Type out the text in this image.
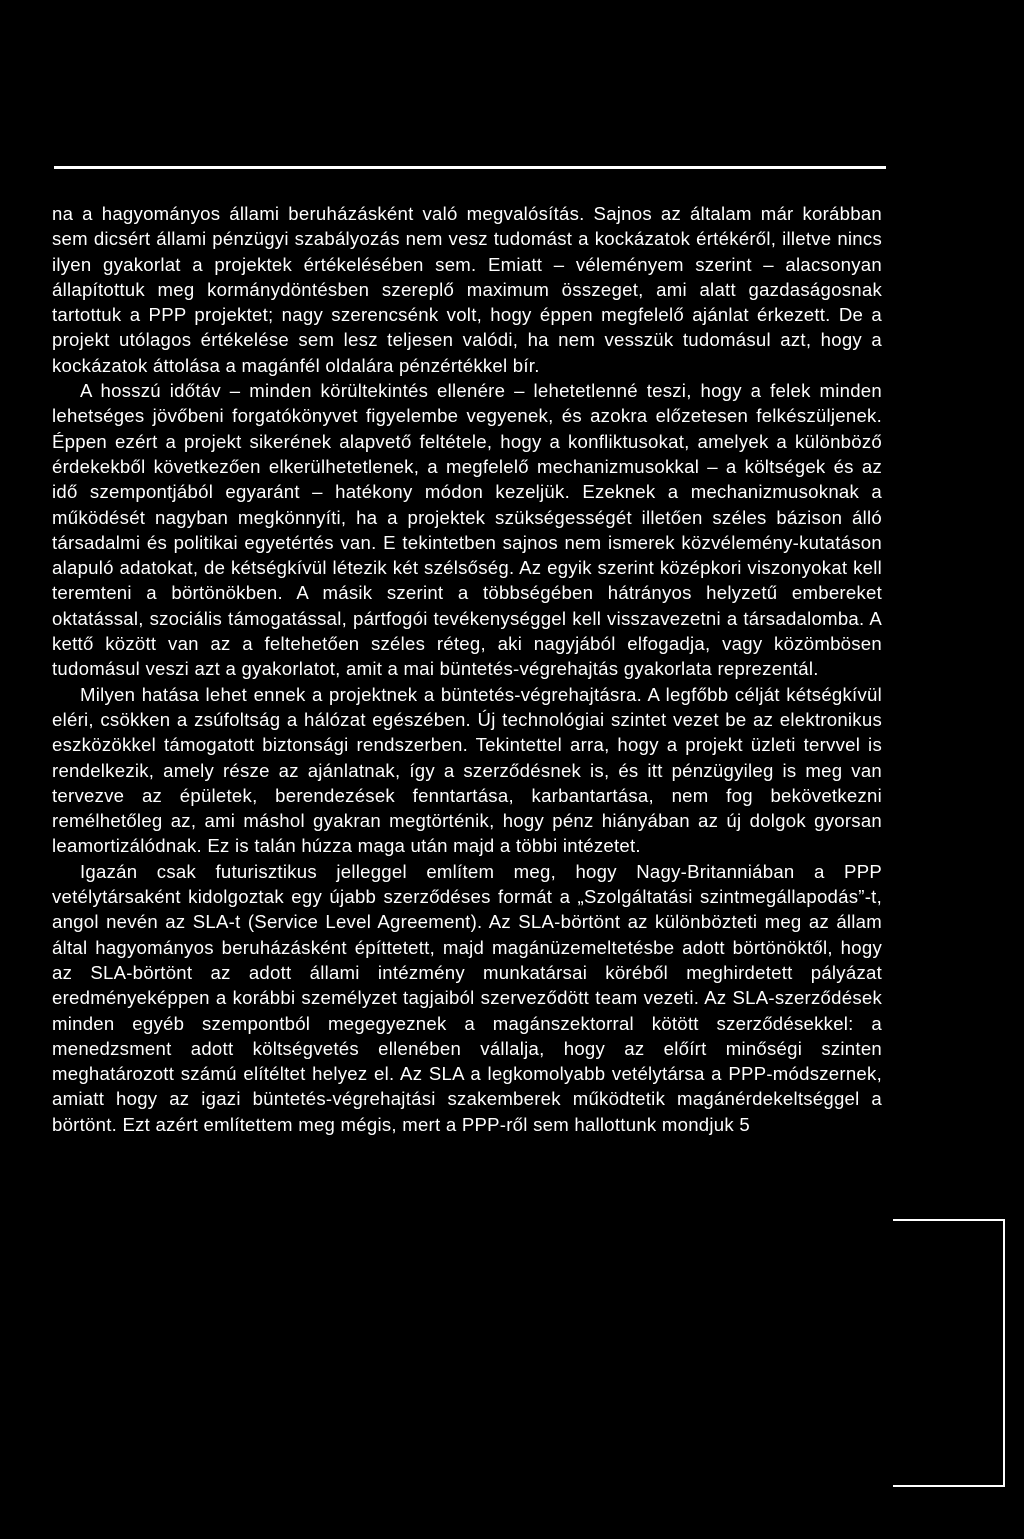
na a hagyományos állami beruházásként való megvalósítás. Sajnos az általam már korábban sem dicsért állami pénzügyi szabályozás nem vesz tudomást a kockázatok értékéről, illetve nincs ilyen gyakorlat a projektek értékelésében sem. Emiatt – véleményem szerint – alacsonyan állapítottuk meg kormánydöntésben szereplő maximum összeget, ami alatt gazdaságosnak tartottuk a PPP projektet; nagy szerencsénk volt, hogy éppen megfelelő ajánlat érkezett. De a projekt utólagos értékelése sem lesz teljesen valódi, ha nem vesszük tudomásul azt, hogy a kockázatok áttolása a magánfél oldalára pénzértékkel bír.

A hosszú időtáv – minden körültekintés ellenére – lehetetlenné teszi, hogy a felek minden lehetséges jövőbeni forgatókönyvet figyelembe vegyenek, és azokra előzetesen felkészüljenek. Éppen ezért a projekt sikerének alapvető feltétele, hogy a konfliktusokat, amelyek a különböző érdekekből következően elkerülhetetlenek, a megfelelő mechanizmusokkal – a költségek és az idő szempontjából egyaránt – hatékony módon kezeljük. Ezeknek a mechanizmusoknak a működését nagyban megkönnyíti, ha a projektek szükségességét illetően széles bázison álló társadalmi és politikai egyetértés van. E tekintetben sajnos nem ismerek közvélemény-kutatáson alapuló adatokat, de kétségkívül létezik két szélsőség. Az egyik szerint középkori viszonyokat kell teremteni a börtönökben. A másik szerint a többségében hátrányos helyzetű embereket oktatással, szociális támogatással, pártfogói tevékenységgel kell visszavezetni a társadalomba. A kettő között van az a feltehetően széles réteg, aki nagyjából elfogadja, vagy közömbösen tudomásul veszi azt a gyakorlatot, amit a mai büntetés-végrehajtás gyakorlata reprezentál.

Milyen hatása lehet ennek a projektnek a büntetés-végrehajtásra. A legfőbb célját kétségkívül eléri, csökken a zsúfoltság a hálózat egészében. Új technológiai szintet vezet be az elektronikus eszközökkel támogatott biztonsági rendszerben. Tekintettel arra, hogy a projekt üzleti tervvel is rendelkezik, amely része az ajánlatnak, így a szerződésnek is, és itt pénzügyileg is meg van tervezve az épületek, berendezések fenntartása, karbantartása, nem fog bekövetkezni remélhetőleg az, ami máshol gyakran megtörténik, hogy pénz hiányában az új dolgok gyorsan leamortizálódnak. Ez is talán húzza maga után majd a többi intézetet.

Igazán csak futurisztikus jelleggel említem meg, hogy Nagy-Britanniában a PPP vetélytársaként kidolgoztak egy újabb szerződéses formát a „Szolgáltatási szintmegállapodás”-t, angol nevén az SLA-t (Service Level Agreement). Az SLA-börtönt az különbözteti meg az állam által hagyományos beruházásként építtetett, majd magánüzemeltetésbe adott börtönöktől, hogy az SLA-börtönt az adott állami intézmény munkatársai köréből meghirdetett pályázat eredményeképpen a korábbi személyzet tagjaiból szerveződött team vezeti. Az SLA-szerződések minden egyéb szempontból megegyeznek a magánszektorral kötött szerződésekkel: a menedzsment adott költségvetés ellenében vállalja, hogy az előírt minőségi szinten meghatározott számú elítéltet helyez el. Az SLA a legkomolyabb vetélytársa a PPP-módszernek, amiatt hogy az igazi büntetés-végrehajtási szakemberek működtetik magánérdekeltséggel a börtönt. Ezt azért említettem meg mégis, mert a PPP-ről sem hallottunk mondjuk 5
